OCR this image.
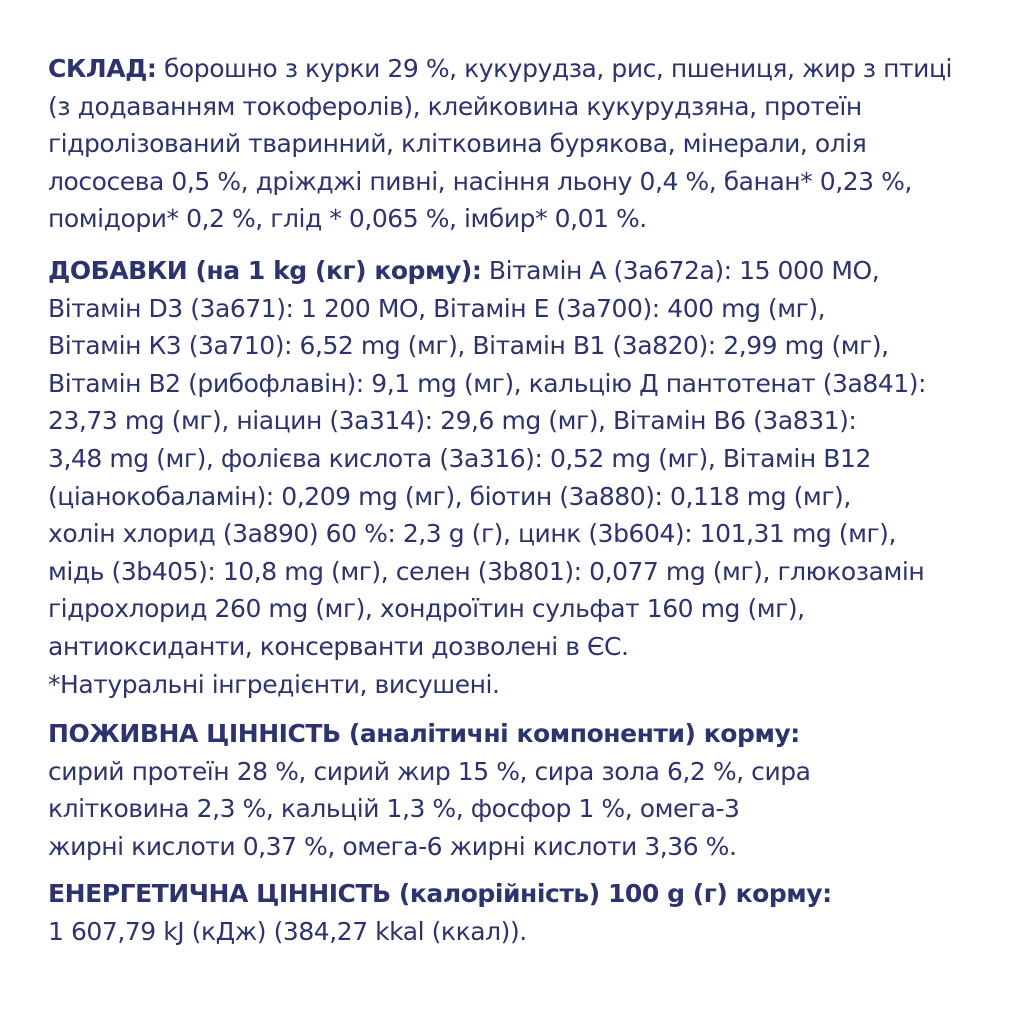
СКЛАД: борошно з курки 29 %, кукурудза, рис, пшениця, жир з птиці
(з додаванням токоферолів), клейковина кукурудзяна, протеїн
гідролізований тваринний, клітковина бурякова, мінерали, олія
лососева 0,5 %, дріжджі пивні, насіння льону 0,4 %, банан* 0,23 %,
помідори* 0,2 %, глід * 0,065 %, імбир* 0,01 %.

ДОБАВКИ (на 1 kg (кг) корму): Вітамін А (3а672а): 15 000 МО,
Вітамін D3 (3а671): 1 200 МО, Вітамін Е (3а700): 400 mg (мг),
Вітамін К3 (3а710): 6,52 mg (мг), Вітамін В1 (3а820): 2,99 mg (мг),
Вітамін В2 (рибофлавін): 9,1 mg (мг), кальцію Д пантотенат (3а841):
23,73 mg (мг), ніацин (3а314): 29,6 mg (мг), Вітамін В6 (3а831):
3,48 mg (мг), фолієва кислота (3а316): 0,52 mg (мг), Вітамін В12
(ціанокобаламін): 0,209 mg (мг), біотин (3а880): 0,118 mg (мг),
холін хлорид (3а890) 60 %: 2,3 g (г), цинк (3b604): 101,31 mg (мг),
мідь (3b405): 10,8 mg (мг), селен (3b801): 0,077 mg (мг), глюкозамін
гідрохлорид 260 mg (мг), хондроїтин сульфат 160 mg (мг),
антиоксиданти, консерванти дозволені в ЄС.
*Натуральні інгредієнти, висушені.

ПОЖИВНА ЦІННІСТЬ (аналітичні компоненти) корму:
сирий протеїн 28 %, сирий жир 15 %, сира зола 6,2 %, сира
клітковина 2,3 %, кальцій 1,3 %, фосфор 1 %, омега-3
жирні кислоти 0,37 %, омега-6 жирні кислоти 3,36 %.

ЕНЕРГЕТИЧНА ЦІННІСТЬ (калорійність) 100 g (г) корму:
1 607,79 kJ (кДж) (384,27 kkal (ккал)).
